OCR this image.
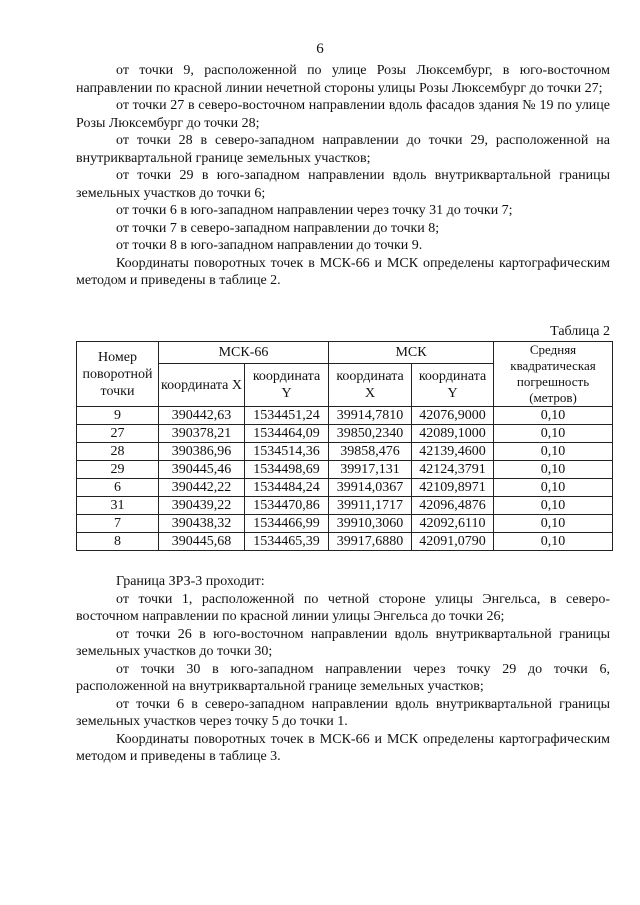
6

от точки 9, расположенной по улице Розы Люксембург, в юго-восточном направлении по красной линии нечетной стороны улицы Розы Люксембург до точки 27;

от точки 27 в северо-восточном направлении вдоль фасадов здания № 19 по улице Розы Люксембург до точки 28;

от точки 28 в северо-западном направлении до точки 29, расположенной на внутриквартальной границе земельных участков;

от точки 29 в юго-западном направлении вдоль внутриквартальной границы земельных участков до точки 6;

от точки 6 в юго-западном направлении через точку 31 до точки 7;

от точки 7 в северо-западном направлении до точки 8;

от точки 8 в юго-западном направлении до точки 9.

Координаты поворотных точек в МСК-66 и МСК определены картографическим методом и приведены в таблице 2.

Таблица 2
Номер поворотной точки	МСК-66		МСК		Средняя квадратическая погрешность (метров)
	координата X	координата Y	координата X	координата Y	
9	390442,63	1534451,24	39914,7810	42076,9000	0,10
27	390378,21	1534464,09	39850,2340	42089,1000	0,10
28	390386,96	1534514,36	39858,476	42139,4600	0,10
29	390445,46	1534498,69	39917,131	42124,3791	0,10
6	390442,22	1534484,24	39914,0367	42109,8971	0,10
31	390439,22	1534470,86	39911,1717	42096,4876	0,10
7	390438,32	1534466,99	39910,3060	42092,6110	0,10
8	390445,68	1534465,39	39917,6880	42091,0790	0,10

Граница ЗРЗ-3 проходит:

от точки 1, расположенной по четной стороне улицы Энгельса, в северо-восточном направлении по красной линии улицы Энгельса до точки 26;

от точки 26 в юго-восточном направлении вдоль внутриквартальной границы земельных участков до точки 30;

от точки 30 в юго-западном направлении через точку 29 до точки 6, расположенной на внутриквартальной границе земельных участков;

от точки 6 в северо-западном направлении вдоль внутриквартальной границы земельных участков через точку 5 до точки 1.

Координаты поворотных точек в МСК-66 и МСК определены картографическим методом и приведены в таблице 3.
